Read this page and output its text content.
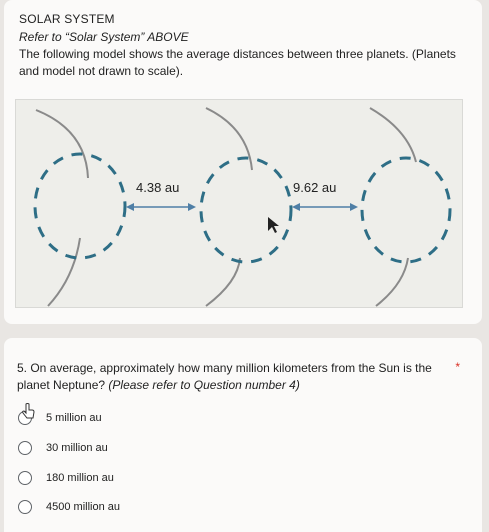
SOLAR SYSTEM
Refer to “Solar System” ABOVE
The following model shows the average distances between three planets. (Planets and model not drawn to scale).
4.38 au	9.62 au
5. On average, approximately how many million kilometers from the Sun is the planet Neptune? (Please refer to Question number 4)
*
5 million au
30 million au
180 million au
4500 million au
